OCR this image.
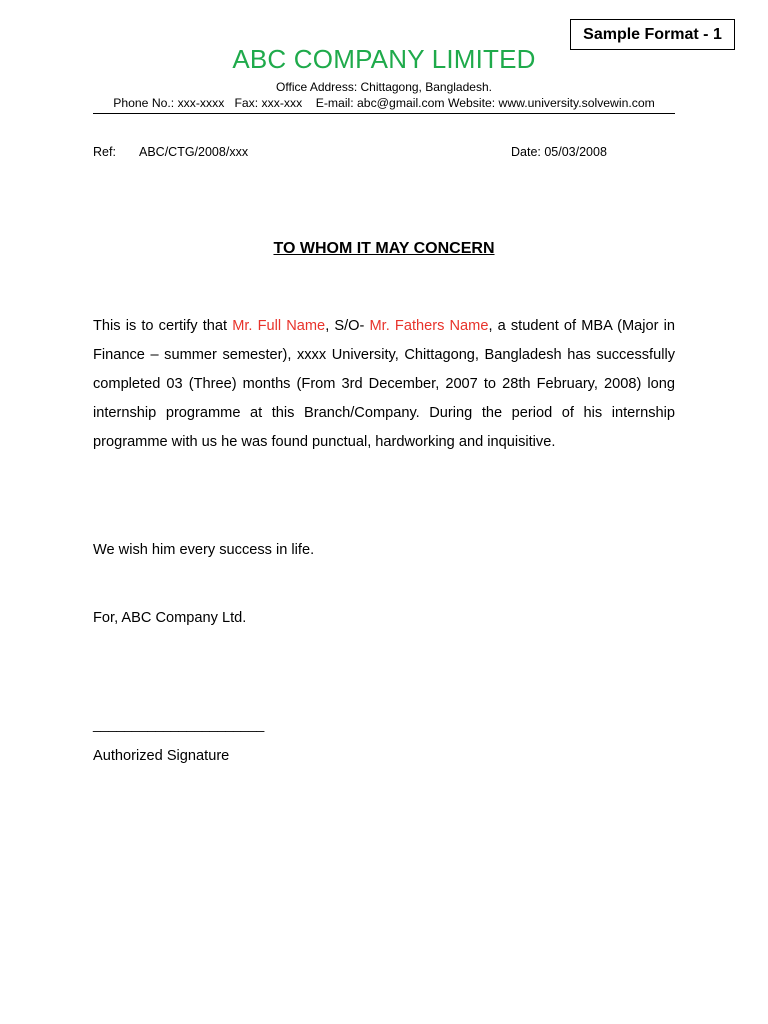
Sample Format - 1
ABC COMPANY LIMITED
Office Address: Chittagong, Bangladesh.
Phone No.: xxx-xxxx   Fax: xxx-xxx    E-mail: abc@gmail.com Website: www.university.solvewin.com
Ref: ABC/CTG/2008/xxx	Date: 05/03/2008
TO WHOM IT MAY CONCERN
This is to certify that Mr. Full Name, S/O- Mr. Fathers Name, a student of MBA (Major in Finance – summer semester), xxxx University, Chittagong, Bangladesh has successfully completed 03 (Three) months (From 3rd December, 2007 to 28th February, 2008) long internship programme at this Branch/Company. During the period of his internship programme with us he was found punctual, hardworking and inquisitive.
We wish him every success in life.
For, ABC Company Ltd.
______________________
Authorized Signature
